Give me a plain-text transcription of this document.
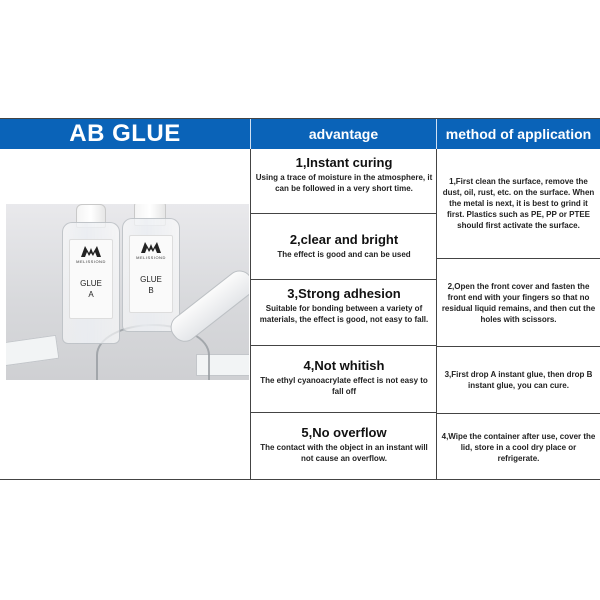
AB GLUE	advantage	method of application
1,Instant curing
Using a trace of moisture in the atmosphere, it can be followed in a very short time.
2,clear and bright
The effect is good and can be used
3,Strong adhesion
Suitable for bonding between a variety of materials, the effect is good, not easy to fall.
4,Not whitish
The ethyl cyanoacrylate effect is not easy to fall off
5,No overflow
The contact with the object in an instant will not cause an overflow.
1,First clean the surface, remove the dust, oil, rust, etc. on the surface. When the metal is next, it is best to grind it first. Plastics such as PE, PP or PTEE should first activate the surface.
2,Open the front cover and fasten the front end with your fingers so that no residual liquid remains, and then cut the holes with scissors.
3,First drop A instant glue, then drop B instant glue, you can cure.
4,Wipe the container after use, cover the lid, store in a cool dry place or refrigerate.
MELISSIOND
GLUE
A
MELISSIOND
GLUE
B
